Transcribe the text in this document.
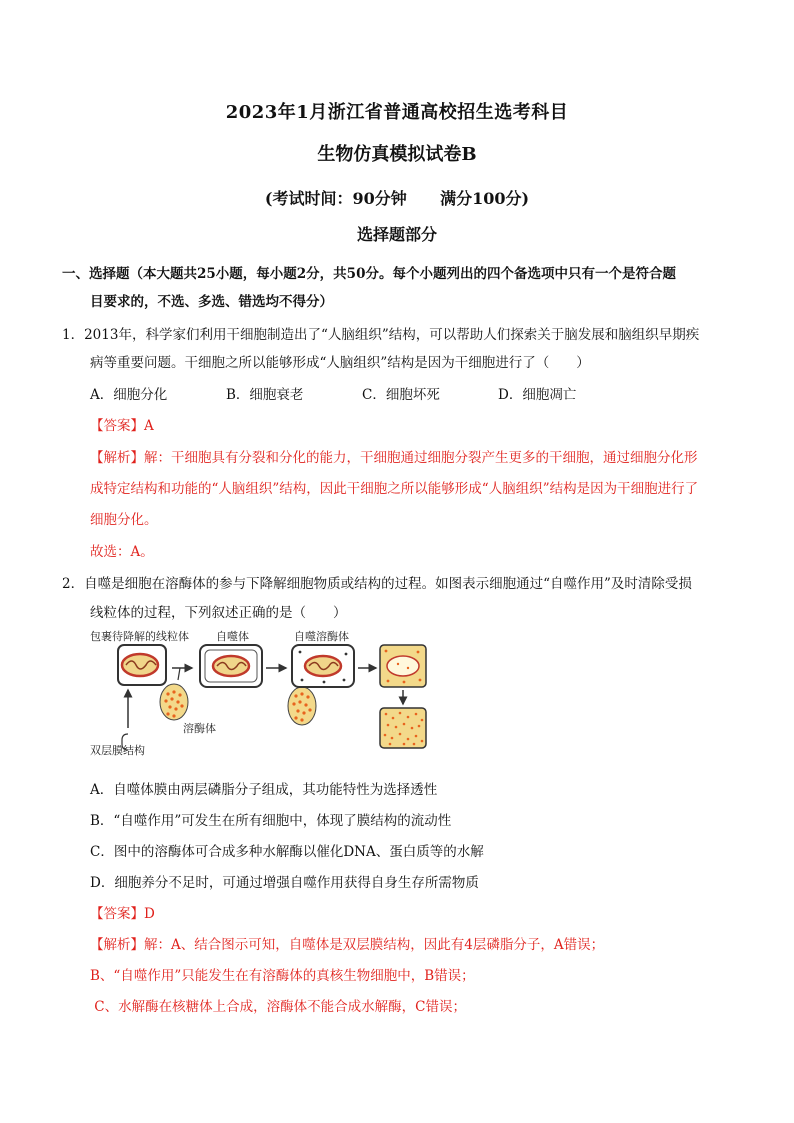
2023年1月浙江省普通高校招生选考科目
生物仿真模拟试卷B
(考试时间：90分钟      满分100分)
选择题部分
一、选择题（本大题共25小题，每小题2分，共50分。每个小题列出的四个备选项中只有一个是符合题
目要求的，不选、多选、错选均不得分）
1．2013年，科学家们利用干细胞制造出了“人脑组织”结构，可以帮助人们探索关于脑发展和脑组织早期疾
病等重要问题。干细胞之所以能够形成“人脑组织”结构是因为干细胞进行了（　　）
A．细胞分化	B．细胞衰老	C．细胞坏死	D．细胞凋亡
【答案】A
【解析】解：干细胞具有分裂和分化的能力，干细胞通过细胞分裂产生更多的干细胞，通过细胞分化形
成特定结构和功能的“人脑组织”结构，因此干细胞之所以能够形成“人脑组织”结构是因为干细胞进行了
细胞分化。
故选：A。
2．自噬是细胞在溶酶体的参与下降解细胞物质或结构的过程。如图表示细胞通过“自噬作用”及时清除受损
线粒体的过程，下列叙述正确的是（　　）
包裹待降解的线粒体 自噬体	自噬溶酶体
溶酶体
双层膜结构
A．自噬体膜由两层磷脂分子组成，其功能特性为选择透性
B．“自噬作用”可发生在所有细胞中，体现了膜结构的流动性
C．图中的溶酶体可合成多种水解酶以催化DNA、蛋白质等的水解
D．细胞养分不足时，可通过增强自噬作用获得自身生存所需物质
【答案】D
【解析】解：A、结合图示可知，自噬体是双层膜结构，因此有4层磷脂分子，A错误；
B、“自噬作用”只能发生在有溶酶体的真核生物细胞中，B错误；
C、水解酶在核糖体上合成，溶酶体不能合成水解酶，C错误；
